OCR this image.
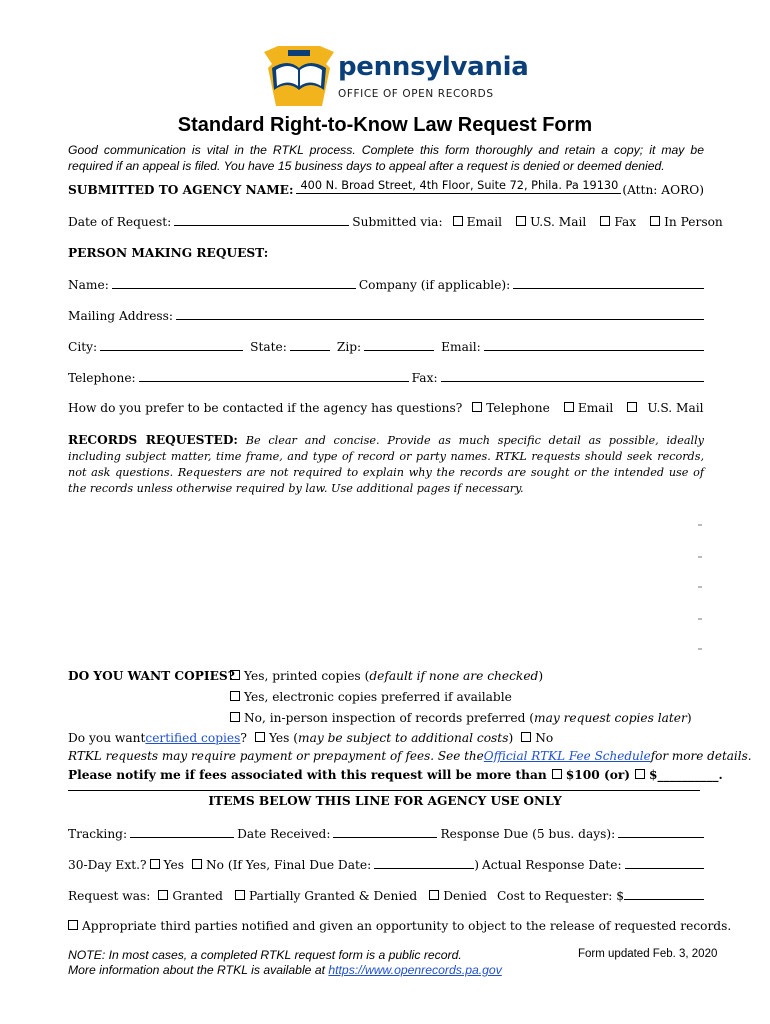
pennsylvania
OFFICE OF OPEN RECORDS
Standard Right-to-Know Law Request Form
Good communication is vital in the RTKL process. Complete this form thoroughly and retain a copy; it may be required if an appeal is filed. You have 15 business days to appeal after a request is denied or deemed denied.
SUBMITTED TO AGENCY NAME: 400 N. Broad Street, 4th Floor, Suite 72, Phila. Pa 19130 (Attn: AORO)
Date of Request:	Submitted via:	Email	U.S. Mail	Fax	In Person
PERSON MAKING REQUEST:
Name:	Company (if applicable):
Mailing Address:
City:	State:	Zip:	Email:
Telephone:	Fax:
How do you prefer to be contacted if the agency has questions?	Telephone	Email	U.S. Mail
RECORDS REQUESTED: Be clear and concise. Provide as much specific detail as possible, ideally including subject matter, time frame, and type of record or party names. RTKL requests should seek records, not ask questions. Requesters are not required to explain why the records are sought or the intended use of the records unless otherwise required by law. Use additional pages if necessary.
DO YOU WANT COPIES? Yes, printed copies (default if none are checked)
Yes, electronic copies preferred if available
No, in-person inspection of records preferred (may request copies later)
Do you want certified copies ?	Yes (may be subject to additional costs)	No
RTKL requests may require payment or prepayment of fees. See the Official RTKL Fee Schedule for more details.
Please notify me if fees associated with this request will be more than	$100 (or)	$__________.
ITEMS BELOW THIS LINE FOR AGENCY USE ONLY
Tracking:	Date Received:	Response Due (5 bus. days):
30-Day Ext.?	Yes	No (If Yes, Final Due Date:	) Actual Response Date:
Request was:	Granted	Partially Granted & Denied	Denied Cost to Requester: $
Appropriate third parties notified and given an opportunity to object to the release of requested records.
NOTE: In most cases, a completed RTKL request form is a public record.
More information about the RTKL is available at https://www.openrecords.pa.gov
Form updated Feb. 3, 2020
